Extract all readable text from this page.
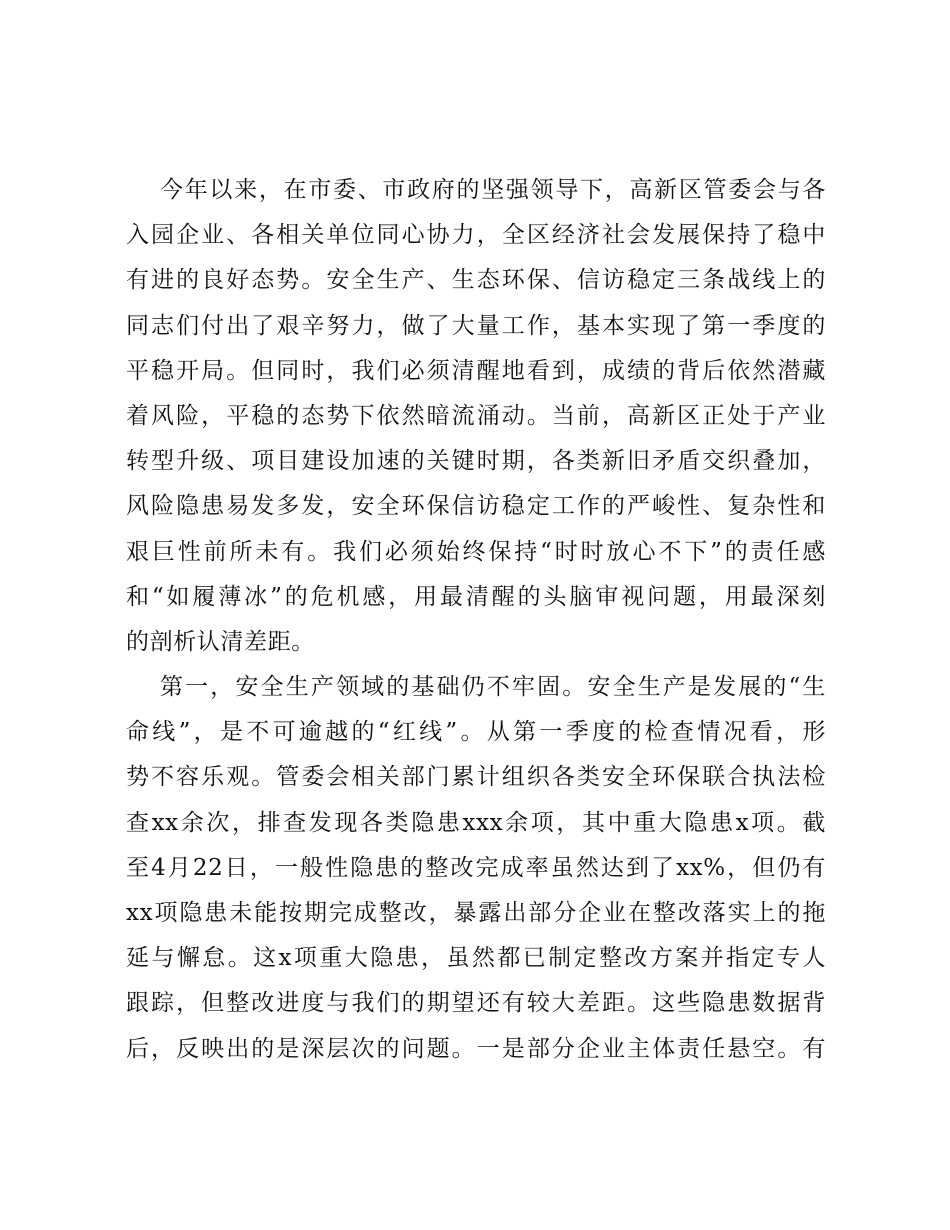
今年以来，在市委、市政府的坚强领导下，高新区管委会与各
入园企业、各相关单位同心协力，全区经济社会发展保持了稳中
有进的良好态势。安全生产、生态环保、信访稳定三条战线上的
同志们付出了艰辛努力，做了大量工作，基本实现了第一季度的
平稳开局。但同时，我们必须清醒地看到，成绩的背后依然潜藏
着风险，平稳的态势下依然暗流涌动。当前，高新区正处于产业
转型升级、项目建设加速的关键时期，各类新旧矛盾交织叠加，
风险隐患易发多发，安全环保信访稳定工作的严峻性、复杂性和
艰巨性前所未有。我们必须始终保持“时时放心不下”的责任感
和“如履薄冰”的危机感，用最清醒的头脑审视问题，用最深刻
的剖析认清差距。
第一，安全生产领域的基础仍不牢固。安全生产是发展的“生
命线”，是不可逾越的“红线”。从第一季度的检查情况看，形
势不容乐观。管委会相关部门累计组织各类安全环保联合执法检
查xx余次，排查发现各类隐患xxx余项，其中重大隐患x项。截
至4月22日，一般性隐患的整改完成率虽然达到了xx%，但仍有
xx项隐患未能按期完成整改，暴露出部分企业在整改落实上的拖
延与懈怠。这x项重大隐患，虽然都已制定整改方案并指定专人
跟踪，但整改进度与我们的期望还有较大差距。这些隐患数据背
后，反映出的是深层次的问题。一是部分企业主体责任悬空。有
